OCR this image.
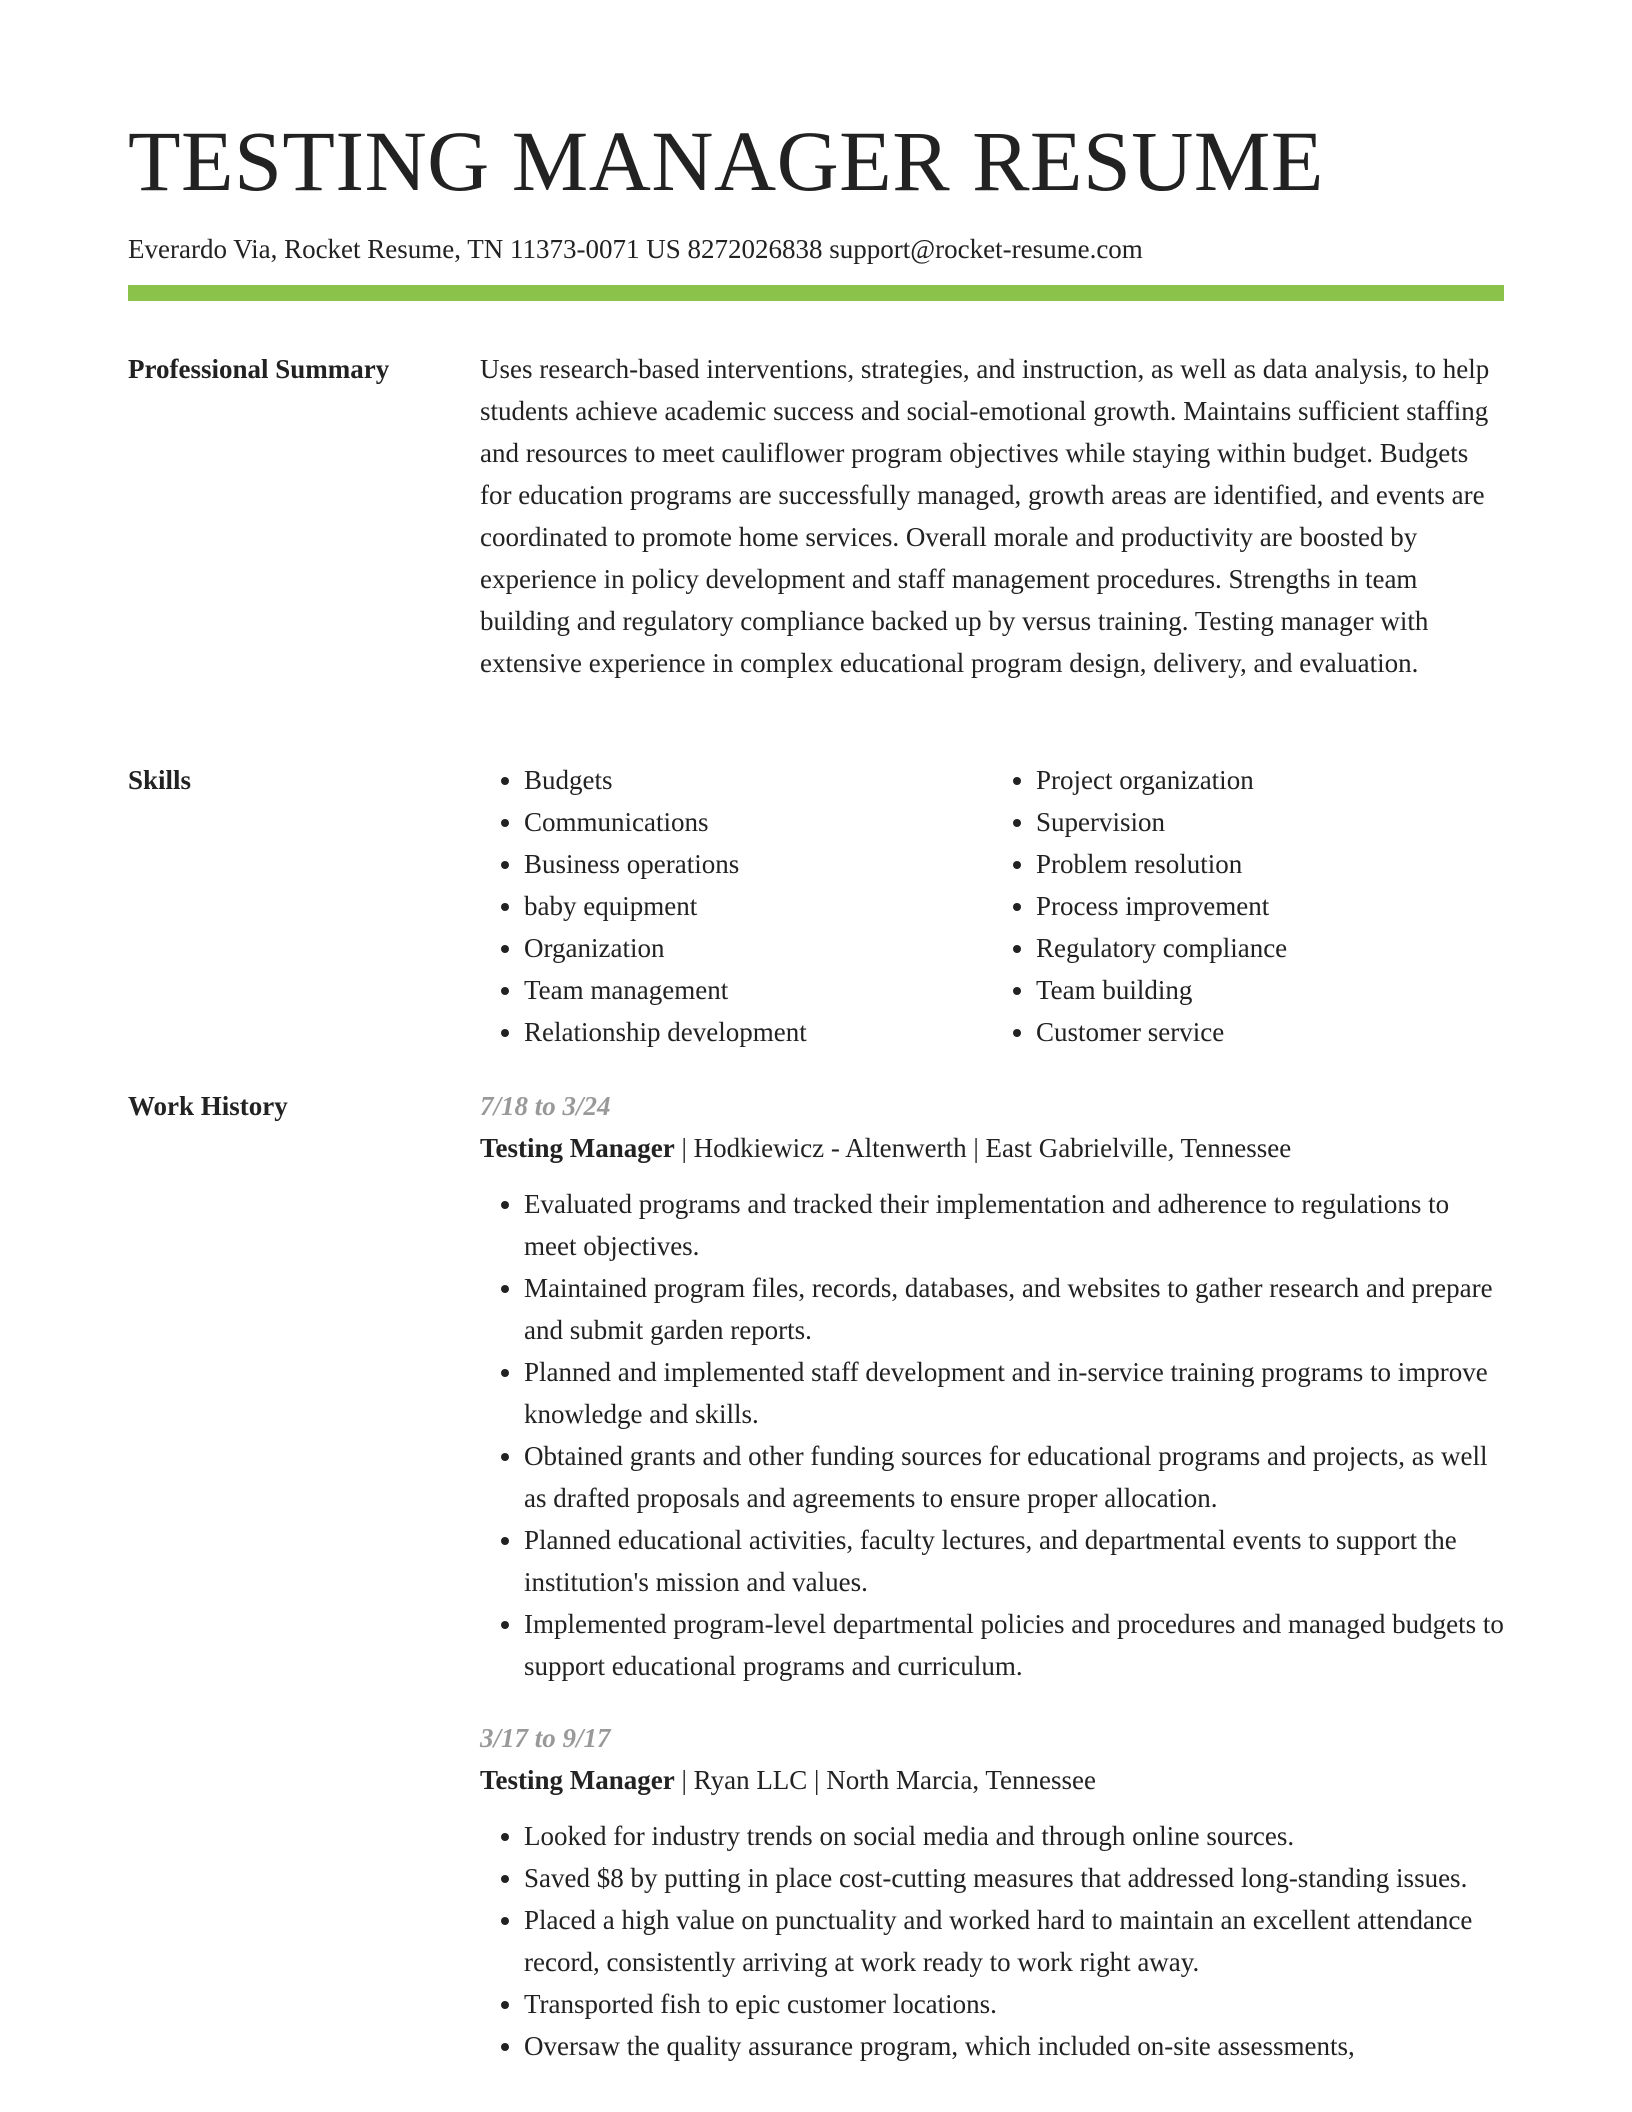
TESTING MANAGER RESUME
Everardo Via, Rocket Resume, TN 11373-0071 US 8272026838 support@rocket-resume.com
Professional Summary	Uses research-based interventions, strategies, and instruction, as well as data analysis, to help students achieve academic success and social-emotional growth. Maintains sufficient staffing and resources to meet cauliflower program objectives while staying within budget. Budgets for education programs are successfully managed, growth areas are identified, and events are coordinated to promote home services. Overall morale and productivity are boosted by experience in policy development and staff management procedures. Strengths in team building and regulatory compliance backed up by versus training. Testing manager with extensive experience in complex educational program design, delivery, and evaluation.

Skills
•	Budgets
• Communications
• Business operations
• baby equipment
• Organization
• Team management
• Relationship development
• Project organization
• Supervision
• Problem resolution
• Process improvement
• Regulatory compliance
• Team building
• Customer service
Work History	7/18 to 3/24
Testing Manager | Hodkiewicz - Altenwerth | East Gabrielville, Tennessee
• Evaluated programs and tracked their implementation and adherence to regulations to meet objectives.
• Maintained program files, records, databases, and websites to gather research and prepare and submit garden reports.
• Planned and implemented staff development and in-service training programs to improve knowledge and skills.
• Obtained grants and other funding sources for educational programs and projects, as well as drafted proposals and agreements to ensure proper allocation.
• Planned educational activities, faculty lectures, and departmental events to support the institution's mission and values.
• Implemented program-level departmental policies and procedures and managed budgets to support educational programs and curriculum.
3/17 to 9/17
Testing Manager | Ryan LLC | North Marcia, Tennessee
• Looked for industry trends on social media and through online sources.
• Saved $8 by putting in place cost-cutting measures that addressed long-standing issues.
• Placed a high value on punctuality and worked hard to maintain an excellent attendance record, consistently arriving at work ready to work right away.
• Transported fish to epic customer locations.
• Oversaw the quality assurance program, which included on-site assessments,
